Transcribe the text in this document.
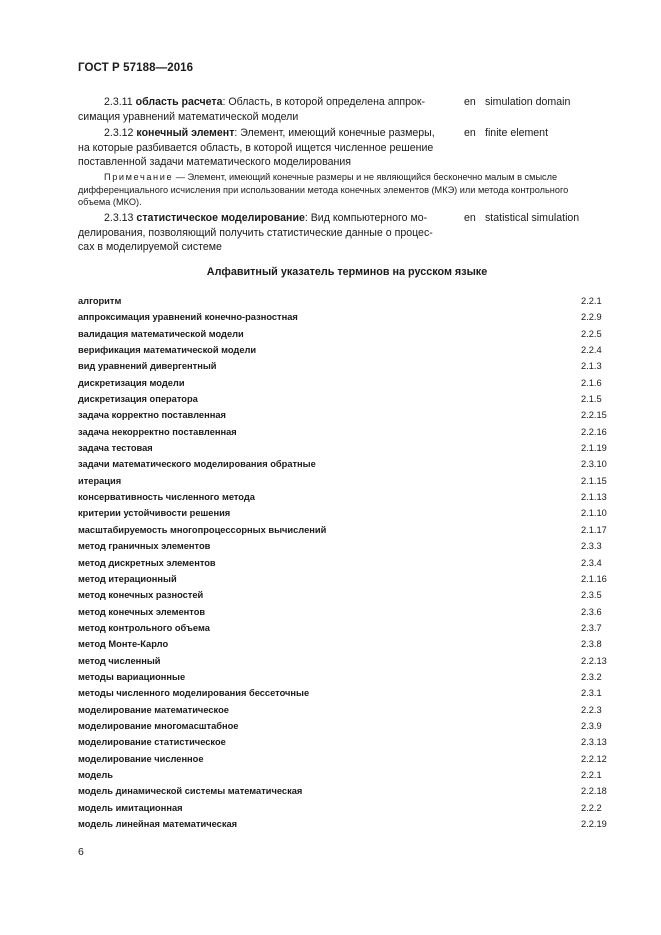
ГОСТ Р 57188—2016
2.3.11 область расчета: Область, в которой определена аппрок-
симация уравнений математической модели
en simulation domain
2.3.12 конечный элемент: Элемент, имеющий конечные размеры,
на которые разбивается область, в которой ищется численное решение
поставленной задачи математического моделирования
en finite element
Примечание — Элемент, имеющий конечные размеры и не являющийся бесконечно малым в смысле
дифференциального исчисления при использовании метода конечных элементов (МКЭ) или метода контрольного
объема (МКО).
2.3.13 статистическое моделирование: Вид компьютерного мо-
делирования, позволяющий получить статистические данные о процес-
сах в моделируемой системе
en statistical simulation
Алфавитный указатель терминов на русском языке
алгоритм	2.2.1
аппроксимация уравнений конечно-разностная	2.2.9
валидация математической модели	2.2.5
верификация математической модели	2.2.4
вид уравнений дивергентный	2.1.3
дискретизация модели	2.1.6
дискретизация оператора	2.1.5
задача корректно поставленная	2.2.15
задача некорректно поставленная	2.2.16
задача тестовая	2.1.19
задачи математического моделирования обратные	2.3.10
итерация	2.1.15
консервативность численного метода	2.1.13
критерии устойчивости решения	2.1.10
масштабируемость многопроцессорных вычислений	2.1.17
метод граничных элементов	2.3.3
метод дискретных элементов	2.3.4
метод итерационный	2.1.16
метод конечных разностей	2.3.5
метод конечных элементов	2.3.6
метод контрольного объема	2.3.7
метод Монте-Карло	2.3.8
метод численный	2.2.13
методы вариационные	2.3.2
методы численного моделирования бессеточные	2.3.1
моделирование математическое	2.2.3
моделирование многомасштабное	2.3.9
моделирование статистическое	2.3.13
моделирование численное	2.2.12
модель	2.2.1
модель динамической системы математическая	2.2.18
модель имитационная	2.2.2
модель линейная математическая	2.2.19
6
